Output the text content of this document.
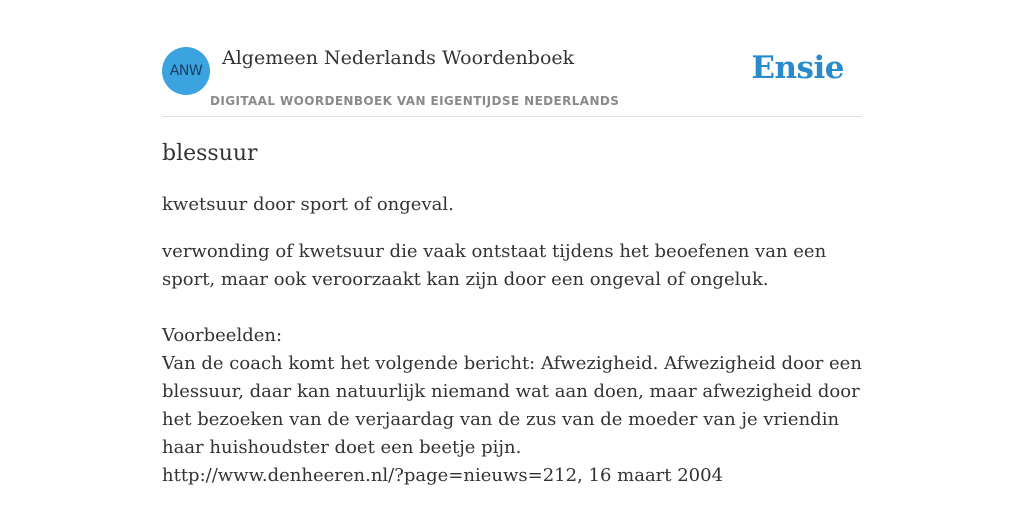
ANW
Algemeen Nederlands Woordenboek
DIGITAAL WOORDENBOEK VAN EIGENTIJDSE NEDERLANDS
Ensie
blessuur

kwetsuur door sport of ongeval.

verwonding of kwetsuur die vaak ontstaat tijdens het beoefenen van een sport, maar ook veroorzaakt kan zijn door een ongeval of ongeluk.

Voorbeelden:

Van de coach komt het volgende bericht: Afwezigheid. Afwezigheid door een blessuur, daar kan natuurlijk niemand wat aan doen, maar afwezigheid door het bezoeken van de verjaardag van de zus van de moeder van je vriendin haar huishoudster doet een beetje pijn.

http://www.denheeren.nl/?page=nieuws=212, 16 maart 2004
